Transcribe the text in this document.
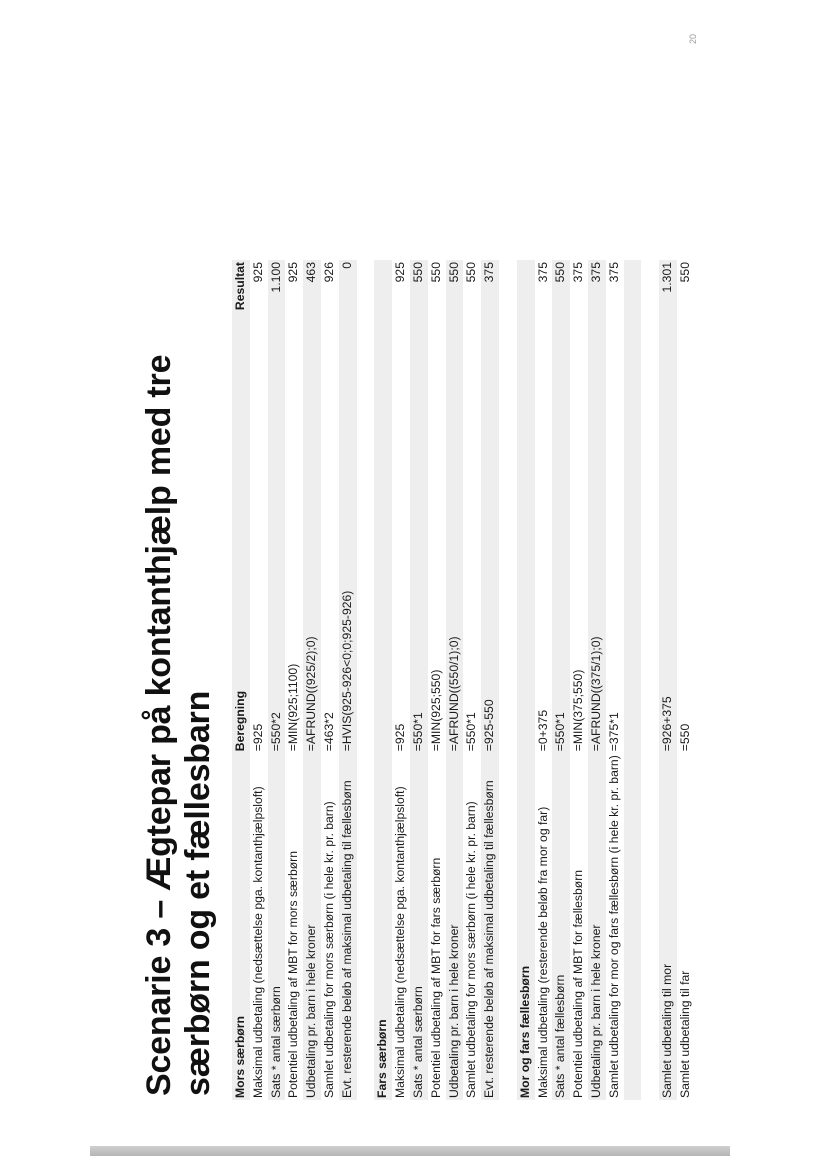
20
Scenarie 3 – Ægtepar på kontanthjælp med tre særbørn og et fællesbarn Mors særbørn	Beregning	Resultat
Maksimal udbetaling (nedsættelse pga. kontanthjælpsloft)	=925	925
Sats * antal særbørn	=550*2	1.100
Potentiel udbetaling af MBT for mors særbørn	=MIN(925;1100)	925
Udbetaling pr. barn i hele kroner	=AFRUND((925/2);0)	463
Samlet udbetaling for mors særbørn (i hele kr. pr. barn)	=463*2	926
Evt. resterende beløb af maksimal udbetaling til fællesbørn	=HVIS(925-926<0;0;925-926)	0

Fars særbørn		
Maksimal udbetaling (nedsættelse pga. kontanthjælpsloft)	=925	925
Sats * antal særbørn	=550*1	550
Potentiel udbetaling af MBT for fars særbørn	=MIN(925;550)	550
Udbetaling pr. barn i hele kroner	=AFRUND((550/1);0)	550
Samlet udbetaling for mors særbørn (i hele kr. pr. barn)	=550*1	550
Evt. resterende beløb af maksimal udbetaling til fællesbørn	=925-550	375

Mor og fars fællesbørn		
Maksimal udbetaling (resterende beløb fra mor og far)	=0+375	375
Sats * antal fællesbørn	=550*1	550
Potentiel udbetaling af MBT for fællesbørn	=MIN(375;550)	375
Udbetaling pr. barn i hele kroner	=AFRUND((375/1);0)	375
Samlet udbetaling for mor og fars fællesbørn (i hele kr. pr. barn)	=375*1	375

Samlet udbetaling til mor	=926+375	1.301
Samlet udbetaling til far	=550	550
